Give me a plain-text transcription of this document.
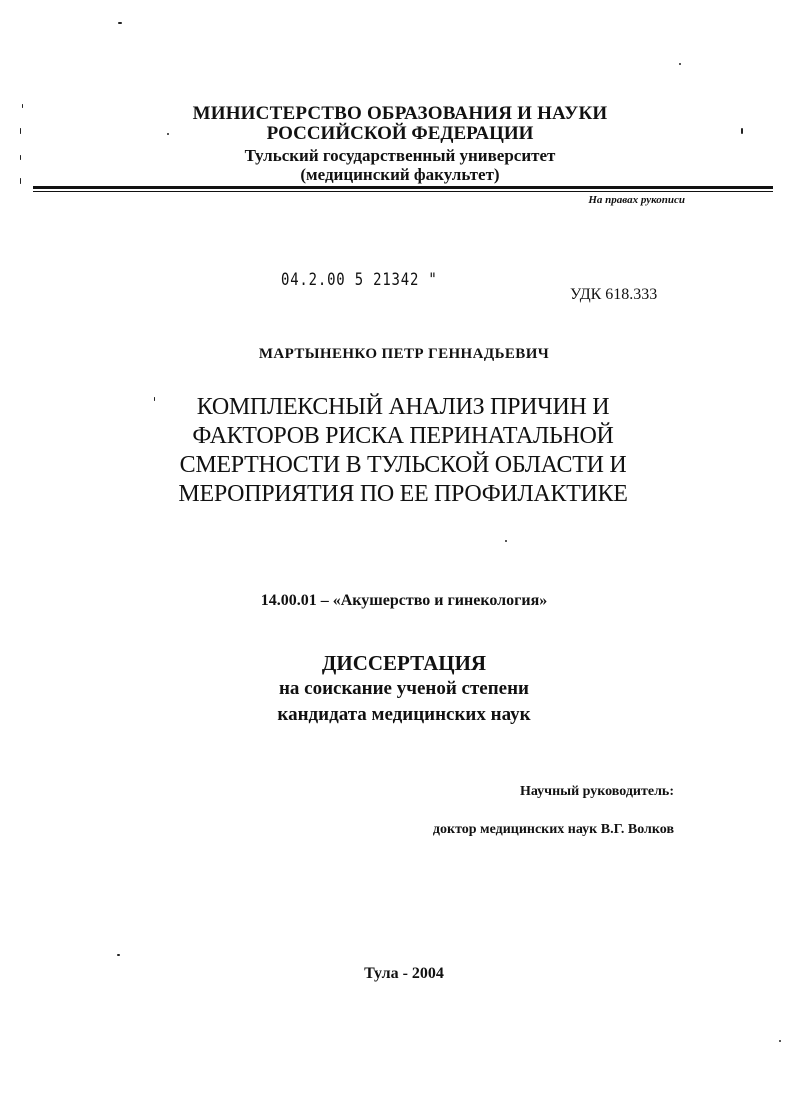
МИНИСТЕРСТВО ОБРАЗОВАНИЯ И НАУКИ
РОССИЙСКОЙ ФЕДЕРАЦИИ
Тульский государственный университет
(медицинский факультет)
На правах рукописи
04.2.00 5 21342 "
УДК 618.333
МАРТЫНЕНКО ПЕТР ГЕННАДЬЕВИЧ
КОМПЛЕКСНЫЙ АНАЛИЗ ПРИЧИН И
ФАКТОРОВ РИСКА ПЕРИНАТАЛЬНОЙ
СМЕРТНОСТИ В ТУЛЬСКОЙ ОБЛАСТИ И
МЕРОПРИЯТИЯ ПО ЕЕ ПРОФИЛАКТИКЕ
14.00.01 – «Акушерство и гинекология»
ДИССЕРТАЦИЯ
на соискание ученой степени
кандидата медицинских наук
Научный руководитель:
доктор медицинских наук В.Г. Волков
Тула - 2004
